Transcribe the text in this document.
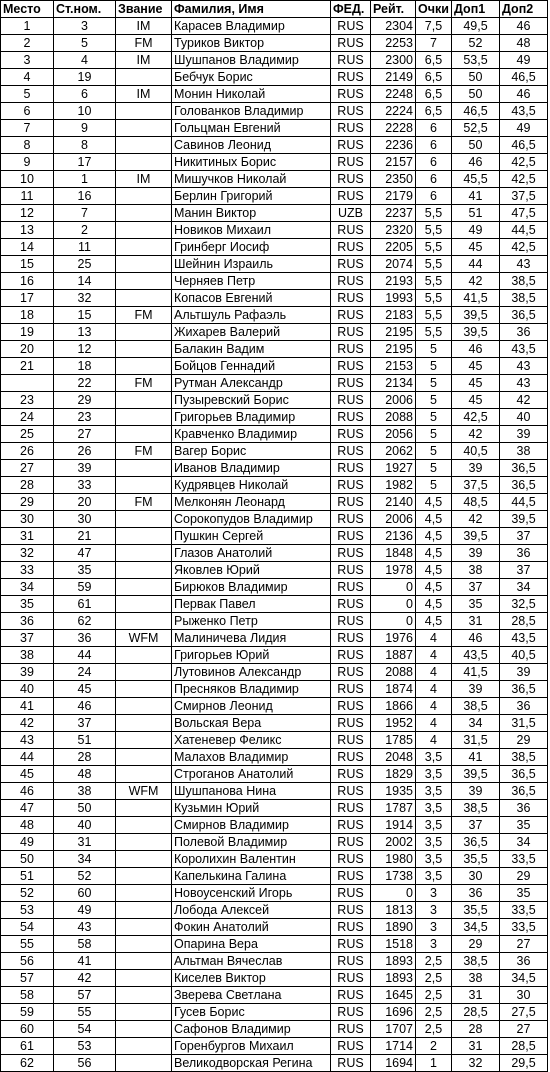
Место	Ст.ном.	Звание	Фамилия, Имя	ФЕД.	Рейт.	Очки	Доп1	Доп2
1	3	IM	Карасев Владимир	RUS	2304	7,5	49,5	46
2	5	FM	Туриков Виктор	RUS	2253	7	52	48
3	4	IM	Шушпанов Владимир	RUS	2300	6,5	53,5	49
4	19		Бебчук Борис	RUS	2149	6,5	50	46,5
5	6	IM	Монин Николай	RUS	2248	6,5	50	46
6	10		Голованков Владимир	RUS	2224	6,5	46,5	43,5
7	9		Гольцман Евгений	RUS	2228	6	52,5	49
8	8		Савинов Леонид	RUS	2236	6	50	46,5
9	17		Никитиных Борис	RUS	2157	6	46	42,5
10	1	IM	Мишучков Николай	RUS	2350	6	45,5	42,5
11	16		Берлин Григорий	RUS	2179	6	41	37,5
12	7		Манин Виктор	UZB	2237	5,5	51	47,5
13	2		Новиков Михаил	RUS	2320	5,5	49	44,5
14	11		Гринберг Иосиф	RUS	2205	5,5	45	42,5
15	25		Шейнин Израиль	RUS	2074	5,5	44	43
16	14		Черняев Петр	RUS	2193	5,5	42	38,5
17	32		Копасов Евгений	RUS	1993	5,5	41,5	38,5
18	15	FM	Альтшуль Рафаэль	RUS	2183	5,5	39,5	36,5
19	13		Жихарев Валерий	RUS	2195	5,5	39,5	36
20	12		Балакин Вадим	RUS	2195	5	46	43,5
21	18		Бойцов Геннадий	RUS	2153	5	45	43
	22	FM	Рутман Александр	RUS	2134	5	45	43
23	29		Пузыревский Борис	RUS	2006	5	45	42
24	23		Григорьев Владимир	RUS	2088	5	42,5	40
25	27		Кравченко Владимир	RUS	2056	5	42	39
26	26	FM	Вагер Борис	RUS	2062	5	40,5	38
27	39		Иванов Владимир	RUS	1927	5	39	36,5
28	33		Кудрявцев Николай	RUS	1982	5	37,5	36,5
29	20	FM	Мелконян Леонард	RUS	2140	4,5	48,5	44,5
30	30		Сорокопудов Владимир	RUS	2006	4,5	42	39,5
31	21		Пушкин Сергей	RUS	2136	4,5	39,5	37
32	47		Глазов Анатолий	RUS	1848	4,5	39	36
33	35		Яковлев Юрий	RUS	1978	4,5	38	37
34	59		Бирюков Владимир	RUS	0	4,5	37	34
35	61		Первак Павел	RUS	0	4,5	35	32,5
36	62		Рыженко Петр	RUS	0	4,5	31	28,5
37	36	WFM	Малиничева Лидия	RUS	1976	4	46	43,5
38	44		Григорьев Юрий	RUS	1887	4	43,5	40,5
39	24		Лутовинов Александр	RUS	2088	4	41,5	39
40	45		Пресняков Владимир	RUS	1874	4	39	36,5
41	46		Смирнов Леонид	RUS	1866	4	38,5	36
42	37		Вольская Вера	RUS	1952	4	34	31,5
43	51		Хатеневер Феликс	RUS	1785	4	31,5	29
44	28		Малахов Владимир	RUS	2048	3,5	41	38,5
45	48		Строганов Анатолий	RUS	1829	3,5	39,5	36,5
46	38	WFM	Шушпанова Нина	RUS	1935	3,5	39	36,5
47	50		Кузьмин Юрий	RUS	1787	3,5	38,5	36
48	40		Смирнов Владимир	RUS	1914	3,5	37	35
49	31		Полевой Владимир	RUS	2002	3,5	36,5	34
50	34		Королихин Валентин	RUS	1980	3,5	35,5	33,5
51	52		Капелькина Галина	RUS	1738	3,5	30	29
52	60		Новоусенский Игорь	RUS	0	3	36	35
53	49		Лобода Алексей	RUS	1813	3	35,5	33,5
54	43		Фокин Анатолий	RUS	1890	3	34,5	33,5
55	58		Опарина Вера	RUS	1518	3	29	27
56	41		Альтман Вячеслав	RUS	1893	2,5	38,5	36
57	42		Киселев Виктор	RUS	1893	2,5	38	34,5
58	57		Зверева Светлана	RUS	1645	2,5	31	30
59	55		Гусев Борис	RUS	1696	2,5	28,5	27,5
60	54		Сафонов Владимир	RUS	1707	2,5	28	27
61	53		Горенбургов Михаил	RUS	1714	2	31	28,5
62	56		Великодворская Регина	RUS	1694	1	32	29,5
